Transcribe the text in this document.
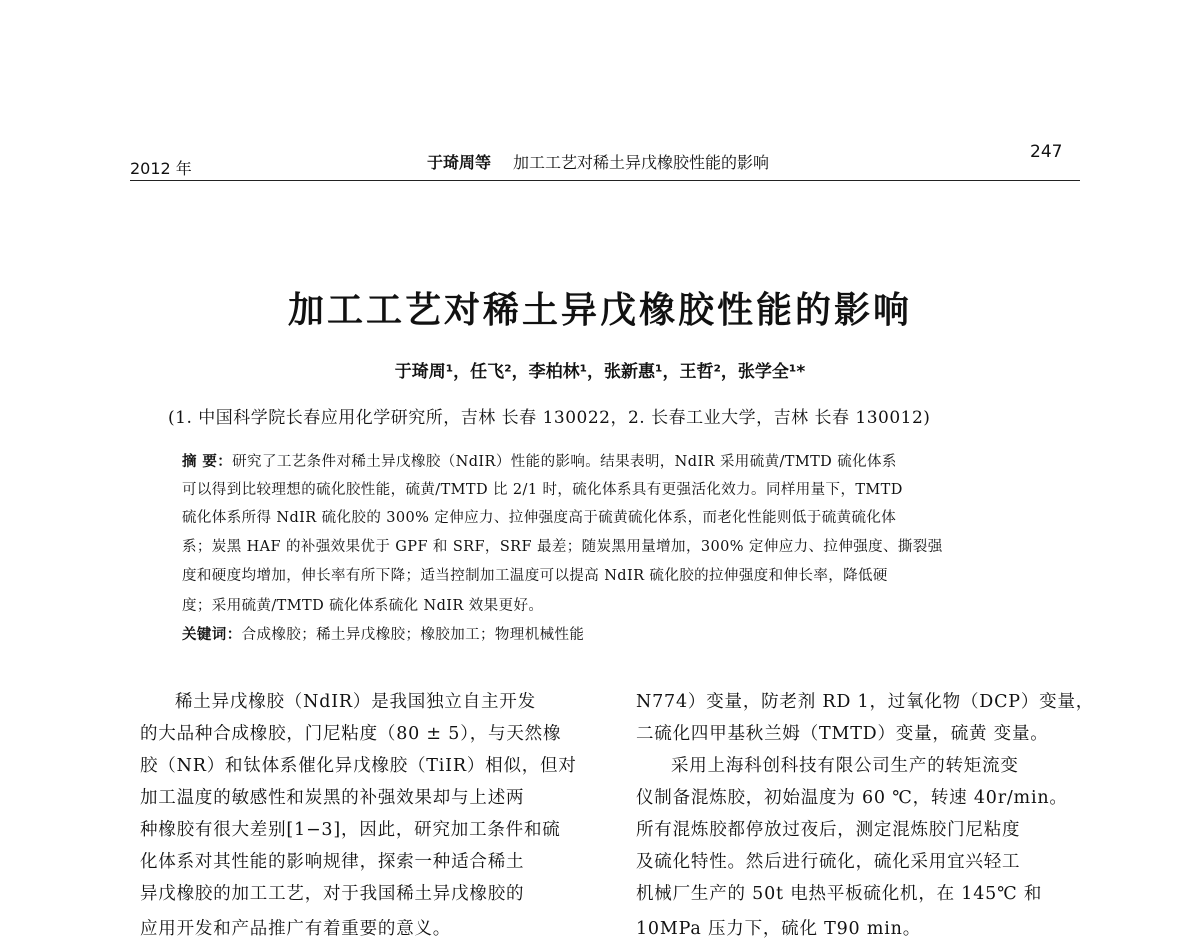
2012 年	于琦周等 加工工艺对稀土异戊橡胶性能的影响
247
加工工艺对稀土异戊橡胶性能的影响
于琦周¹，任飞²，李柏林¹，张新惠¹，王哲²，张学全¹*
(1. 中国科学院长春应用化学研究所，吉林 长春 130022，2. 长春工业大学，吉林 长春 130012)
摘 要：研究了工艺条件对稀土异戊橡胶（NdIR）性能的影响。结果表明，NdIR 采用硫黄/TMTD 硫化体系
可以得到比较理想的硫化胶性能，硫黄/TMTD 比 2/1 时，硫化体系具有更强活化效力。同样用量下，TMTD
硫化体系所得 NdIR 硫化胶的 300% 定伸应力、拉伸强度高于硫黄硫化体系，而老化性能则低于硫黄硫化体
系；炭黑 HAF 的补强效果优于 GPF 和 SRF，SRF 最差；随炭黑用量增加，300% 定伸应力、拉伸强度、撕裂强
度和硬度均增加，伸长率有所下降；适当控制加工温度可以提高 NdIR 硫化胶的拉伸强度和伸长率，降低硬
度；采用硫黄/TMTD 硫化体系硫化 NdIR 效果更好。
关键词：合成橡胶；稀土异戊橡胶；橡胶加工；物理机械性能
稀土异戊橡胶（NdIR）是我国独立自主开发
的大品种合成橡胶，门尼粘度（80 ± 5），与天然橡
胶（NR）和钛体系催化异戊橡胶（TiIR）相似，但对
加工温度的敏感性和炭黑的补强效果却与上述两
种橡胶有很大差别[1−3]，因此，研究加工条件和硫
化体系对其性能的影响规律，探索一种适合稀土
异戊橡胶的加工工艺，对于我国稀土异戊橡胶的
应用开发和产品推广有着重要的意义。
N774）变量，防老剂 RD 1，过氧化物（DCP）变量，
二硫化四甲基秋兰姆（TMTD）变量，硫黄 变量。
采用上海科创科技有限公司生产的转矩流变
仪制备混炼胶，初始温度为 60 ℃，转速 40r/min。
所有混炼胶都停放过夜后，测定混炼胶门尼粘度
及硫化特性。然后进行硫化，硫化采用宜兴轻工
机械厂生产的 50t 电热平板硫化机，在 145℃ 和
10MPa 压力下，硫化 T90 min。
